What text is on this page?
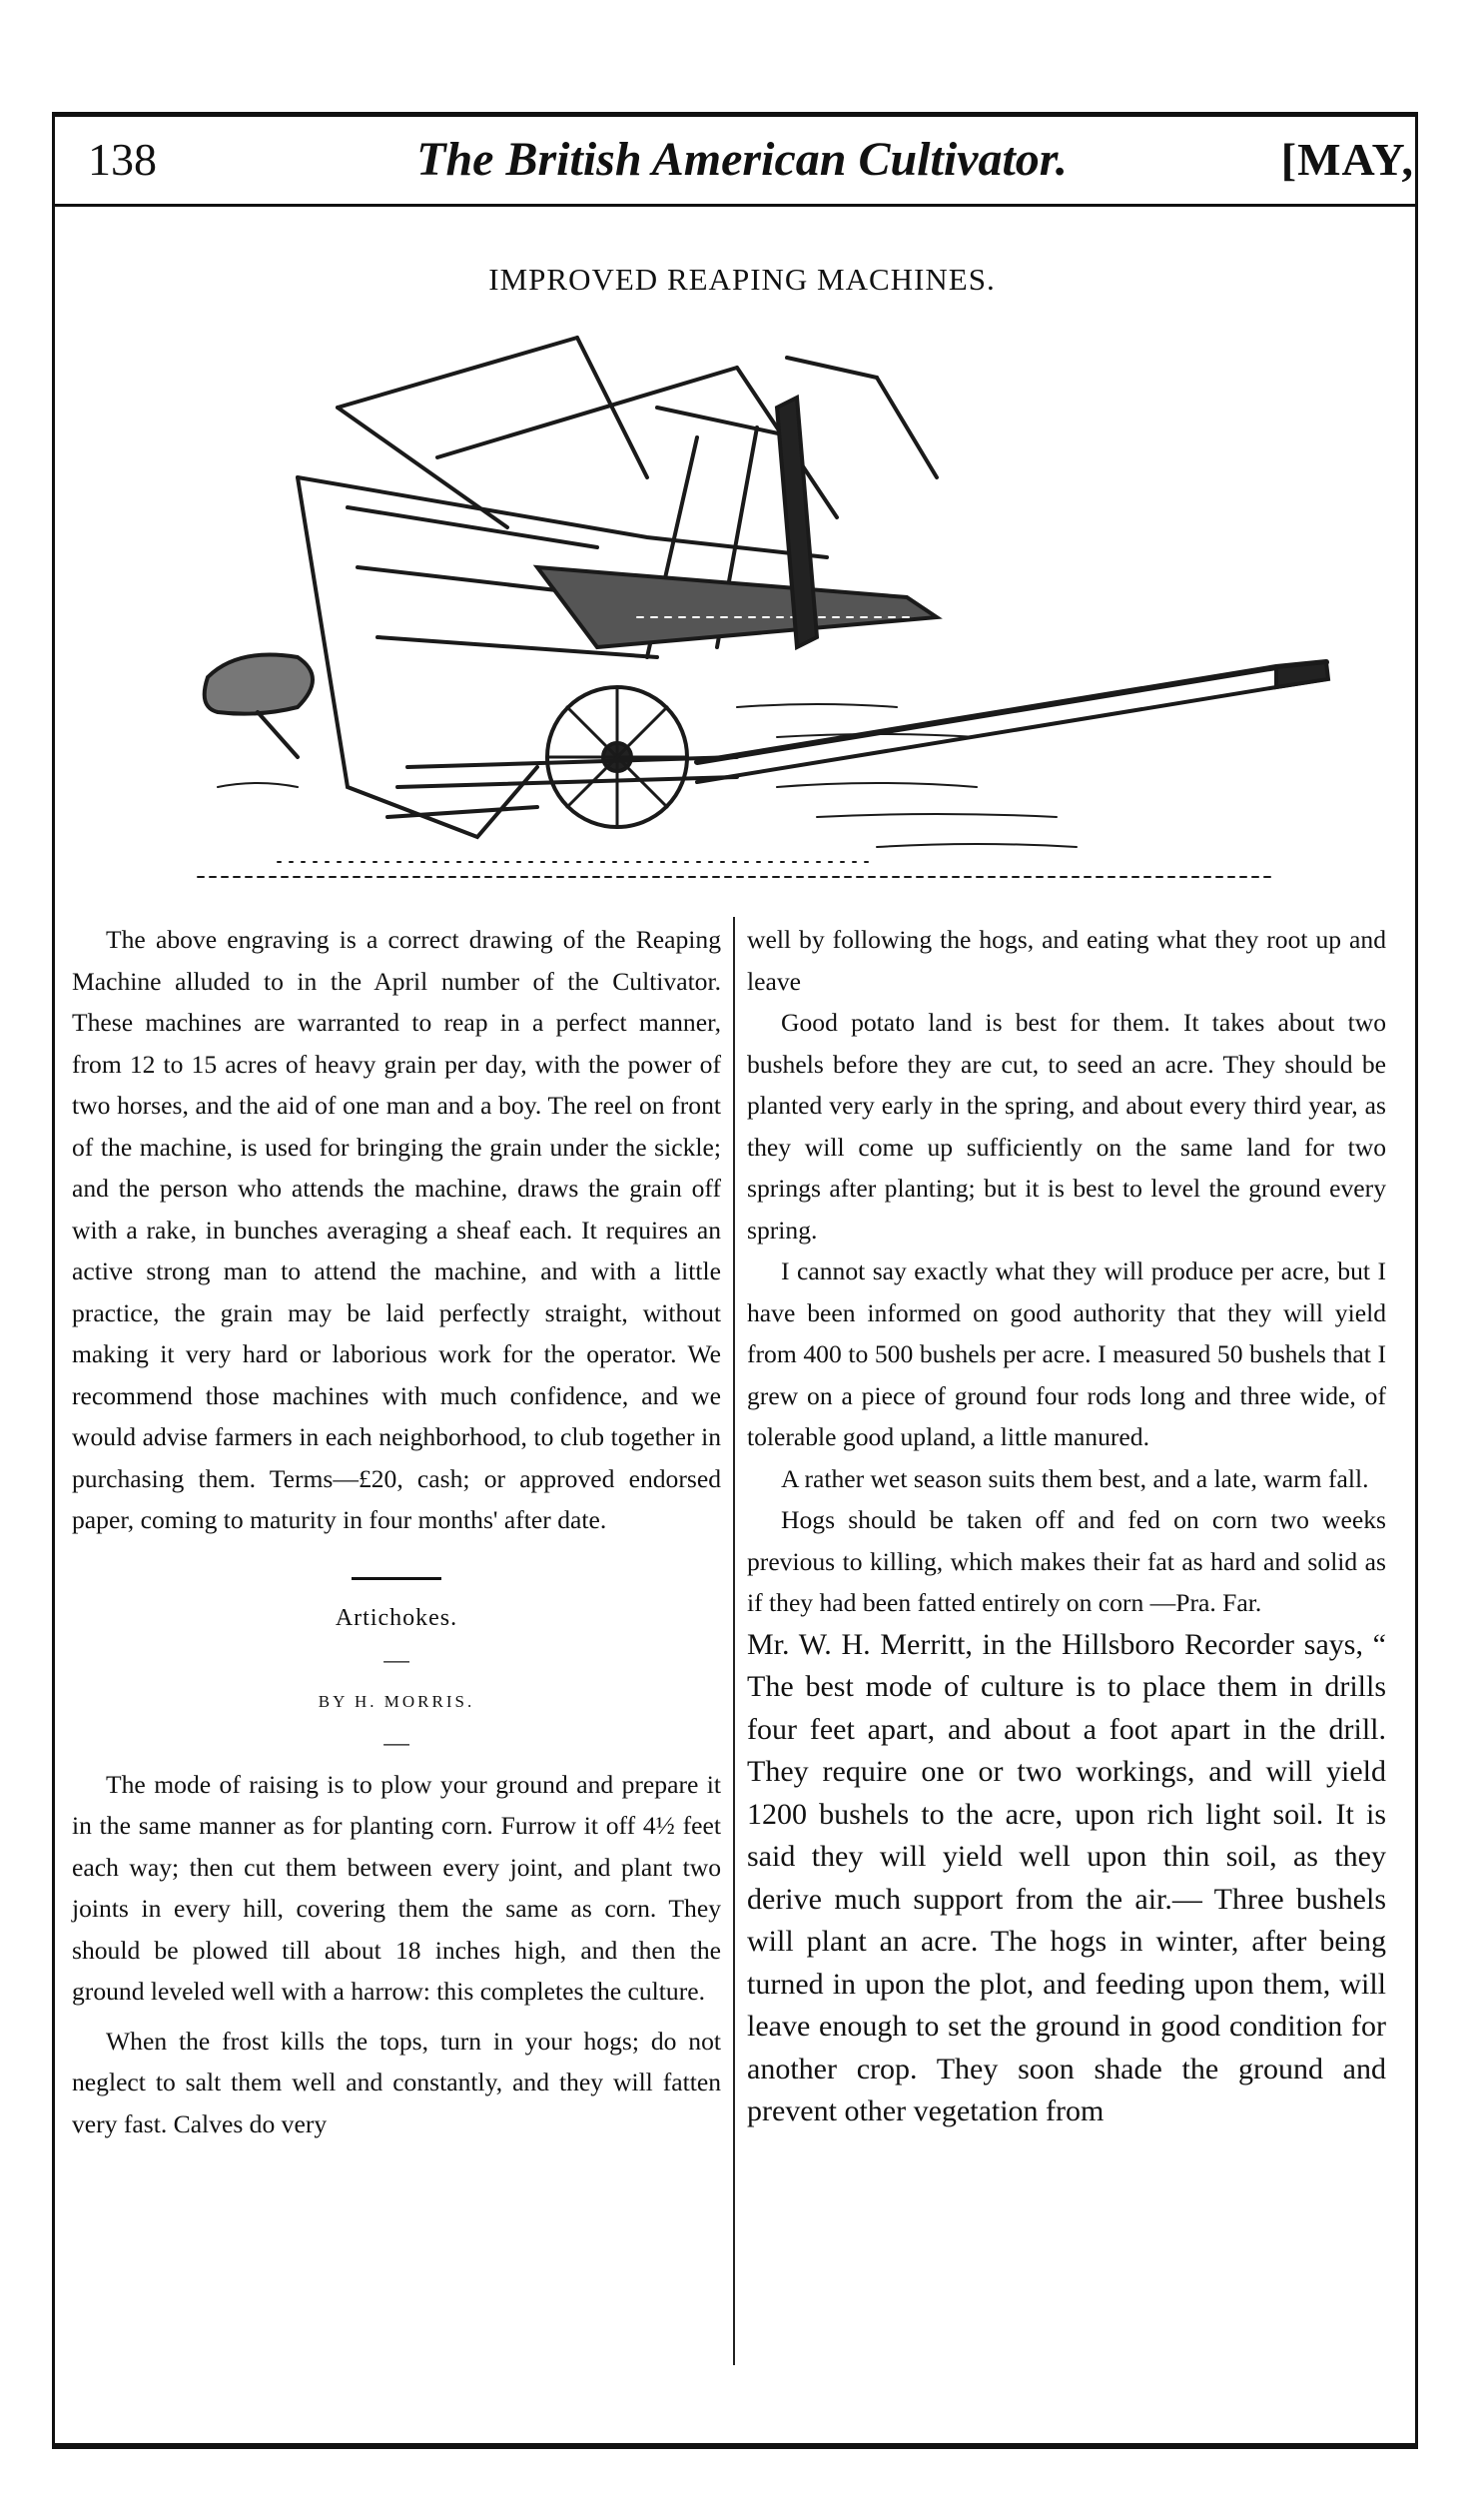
138	The British American Cultivator.	[MAY,
IMPROVED REAPING MACHINES.

The above engraving is a correct drawing of the Reaping Machine alluded to in the April number of the Cultivator. These machines are warranted to reap in a perfect manner, from 12 to 15 acres of heavy grain per day, with the power of two horses, and the aid of one man and a boy. The reel on front of the machine, is used for bringing the grain under the sickle; and the person who attends the machine, draws the grain off with a rake, in bunches averaging a sheaf each. It requires an active strong man to attend the machine, and with a little practice, the grain may be laid perfectly straight, without making it very hard or laborious work for the operator. We recommend those machines with much confidence, and we would advise farmers in each neighborhood, to club together in purchasing them. Terms—£20, cash; or approved endorsed paper, coming to maturity in four months' after date.

Artichokes.

—

BY H. MORRIS.

—

The mode of raising is to plow your ground and prepare it in the same manner as for planting corn. Furrow it off 4½ feet each way; then cut them between every joint, and plant two joints in every hill, covering them the same as corn. They should be plowed till about 18 inches high, and then the ground leveled well with a harrow: this completes the culture.

When the frost kills the tops, turn in your hogs; do not neglect to salt them well and constantly, and they will fatten very fast. Calves do very

well by following the hogs, and eating what they root up and leave

Good potato land is best for them. It takes about two bushels before they are cut, to seed an acre. They should be planted very early in the spring, and about every third year, as they will come up sufficiently on the same land for two springs after planting; but it is best to level the ground every spring.

I cannot say exactly what they will produce per acre, but I have been informed on good authority that they will yield from 400 to 500 bushels per acre. I measured 50 bushels that I grew on a piece of ground four rods long and three wide, of tolerable good upland, a little manured.

A rather wet season suits them best, and a late, warm fall.

Hogs should be taken off and fed on corn two weeks previous to killing, which makes their fat as hard and solid as if they had been fatted entirely on corn —Pra. Far.

Mr. W. H. Merritt, in the Hillsboro Recorder says, “ The best mode of culture is to place them in drills four feet apart, and about a foot apart in the drill. They require one or two workings, and will yield 1200 bushels to the acre, upon rich light soil. It is said they will yield well upon thin soil, as they derive much support from the air.— Three bushels will plant an acre. The hogs in winter, after being turned in upon the plot, and feeding upon them, will leave enough to set the ground in good condition for another crop. They soon shade the ground and prevent other vegetation from
